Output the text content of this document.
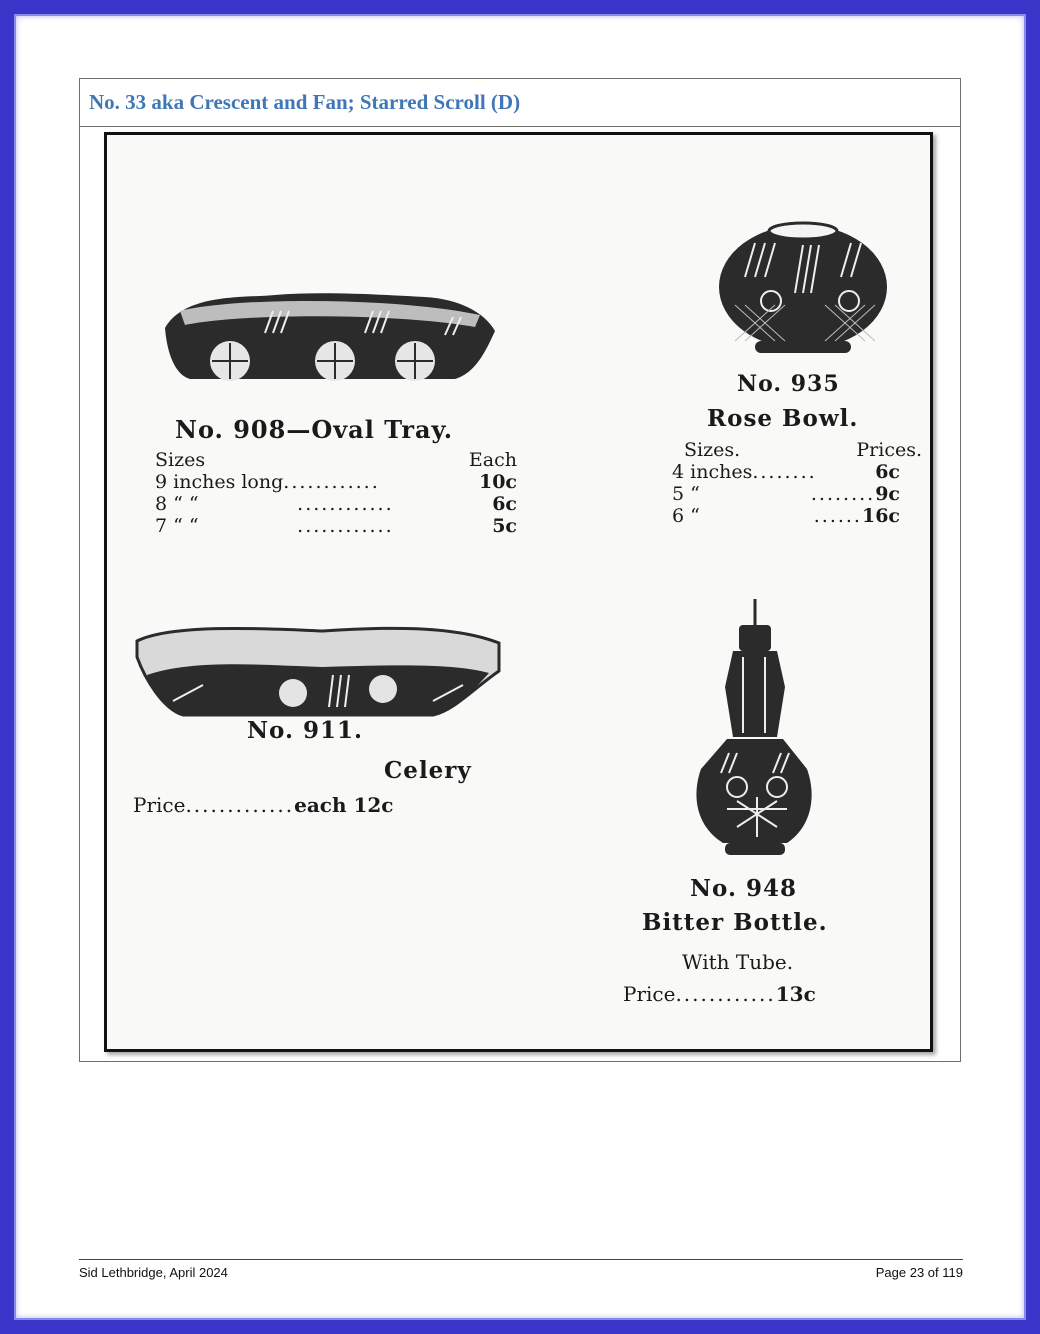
No. 33 aka Crescent and Fan; Starred Scroll (D)
No. 908—Oval Tray.
Sizes	Each
9 inches long ............	10c
8 “ “	............	6c
7 “ “	............	5c
No. 935
Rose Bowl.
Sizes.	Prices.
4 inches ........	6c
5 “	........ 9c
6 “	...... 16c
No. 911.
Celery
Price.............each 12c
No. 948
Bitter Bottle.
With Tube.
Price............13c
Sid Lethbridge, April 2024	Page 23 of 119
